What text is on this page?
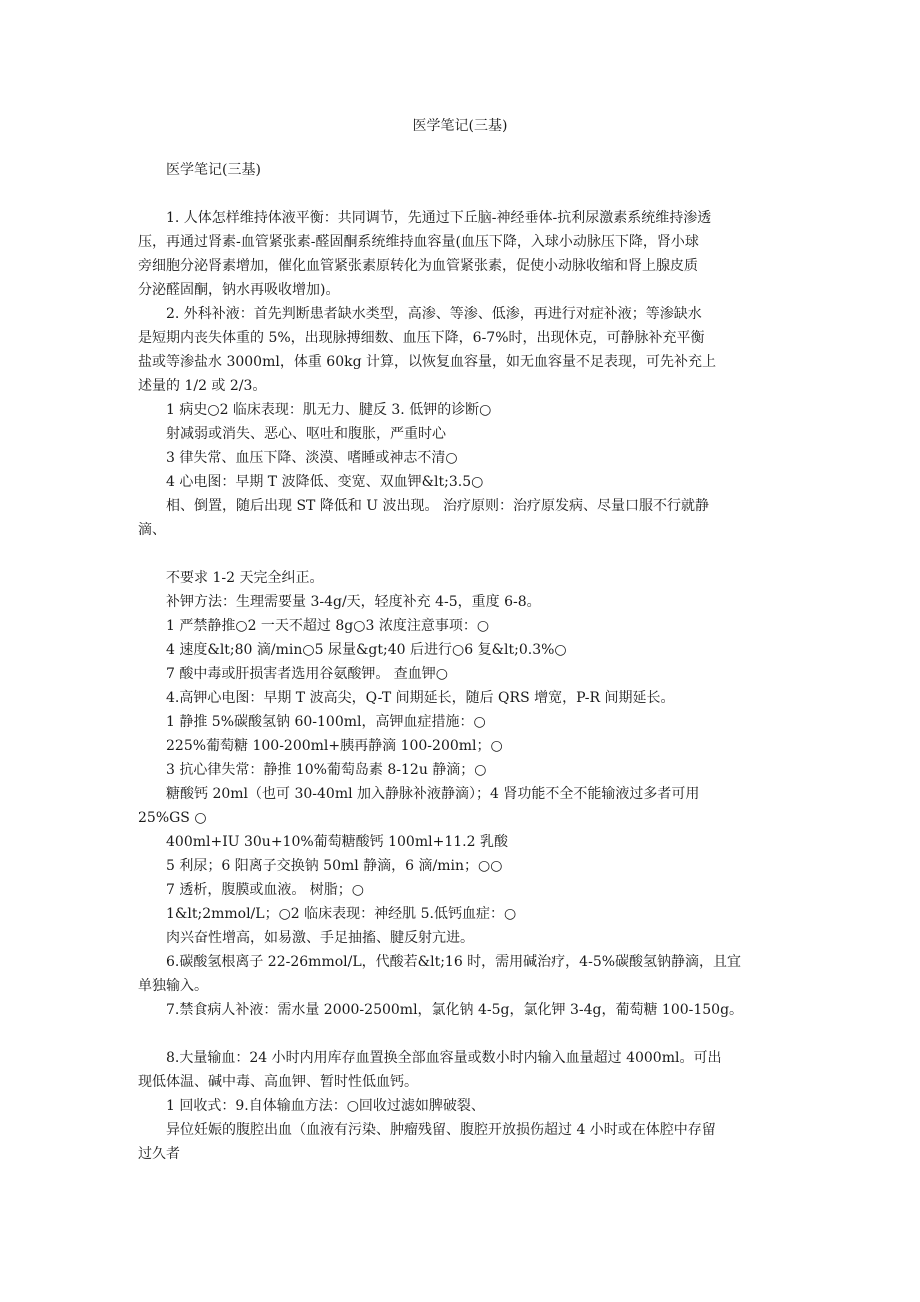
医学笔记(三基)

医学笔记(三基)

1. 人体怎样维持体液平衡：共同调节，先通过下丘脑-神经垂体-抗利尿激素系统维持渗透

压，再通过肾素-血管紧张素-醛固酮系统维持血容量(血压下降，入球小动脉压下降，肾小球

旁细胞分泌肾素增加，催化血管紧张素原转化为血管紧张素，促使小动脉收缩和肾上腺皮质

分泌醛固酮，钠水再吸收增加)。

2. 外科补液：首先判断患者缺水类型，高渗、等渗、低渗，再进行对症补液；等渗缺水

是短期内丧失体重的 5%，出现脉搏细数、血压下降，6-7%时，出现休克，可静脉补充平衡

盐或等渗盐水 3000ml，体重 60kg 计算，以恢复血容量，如无血容量不足表现，可先补充上

述量的 1/2 或 2/3。

1 病史○2 临床表现：肌无力、腱反 3. 低钾的诊断○

射减弱或消失、恶心、呕吐和腹胀，严重时心

3 律失常、血压下降、淡漠、嗜睡或神志不清○

4 心电图：早期 T 波降低、变宽、双血钾&lt;3.5○

相、倒置，随后出现 ST 降低和 U 波出现。 治疗原则：治疗原发病、尽量口服不行就静

滴、

不要求 1-2 天完全纠正。

补钾方法：生理需要量 3-4g/天，轻度补充 4-5，重度 6-8。

1 严禁静推○2 一天不超过 8g○3 浓度注意事项：○

4 速度&lt;80 滴/min○5 尿量&gt;40 后进行○6 复&lt;0.3%○

7 酸中毒或肝损害者选用谷氨酸钾。 查血钾○

4.高钾心电图：早期 T 波高尖，Q-T 间期延长，随后 QRS 增宽，P-R 间期延长。

1 静推 5%碳酸氢钠 60-100ml，高钾血症措施：○

225%葡萄糖 100-200ml+胰再静滴 100-200ml；○

3 抗心律失常：静推 10%葡萄岛素 8-12u 静滴；○

糖酸钙 20ml（也可 30-40ml 加入静脉补液静滴）；4 肾功能不全不能输液过多者可用

25%GS ○

400ml+IU 30u+10%葡萄糖酸钙 100ml+11.2 乳酸

5 利尿；6 阳离子交换钠 50ml 静滴，6 滴/min；○○

7 透析，腹膜或血液。 树脂；○

1&lt;2mmol/L；○2 临床表现：神经肌 5.低钙血症：○

肉兴奋性增高，如易激、手足抽搐、腱反射亢进。

6.碳酸氢根离子 22-26mmol/L，代酸若&lt;16 时，需用碱治疗，4-5%碳酸氢钠静滴，且宜

单独输入。

7.禁食病人补液：需水量 2000-2500ml，氯化钠 4-5g，氯化钾 3-4g，葡萄糖 100-150g。

8.大量输血：24 小时内用库存血置换全部血容量或数小时内输入血量超过 4000ml。可出

现低体温、碱中毒、高血钾、暂时性低血钙。

1 回收式：9.自体输血方法：○回收过滤如脾破裂、

异位妊娠的腹腔出血（血液有污染、肿瘤残留、腹腔开放损伤超过 4 小时或在体腔中存留

过久者
